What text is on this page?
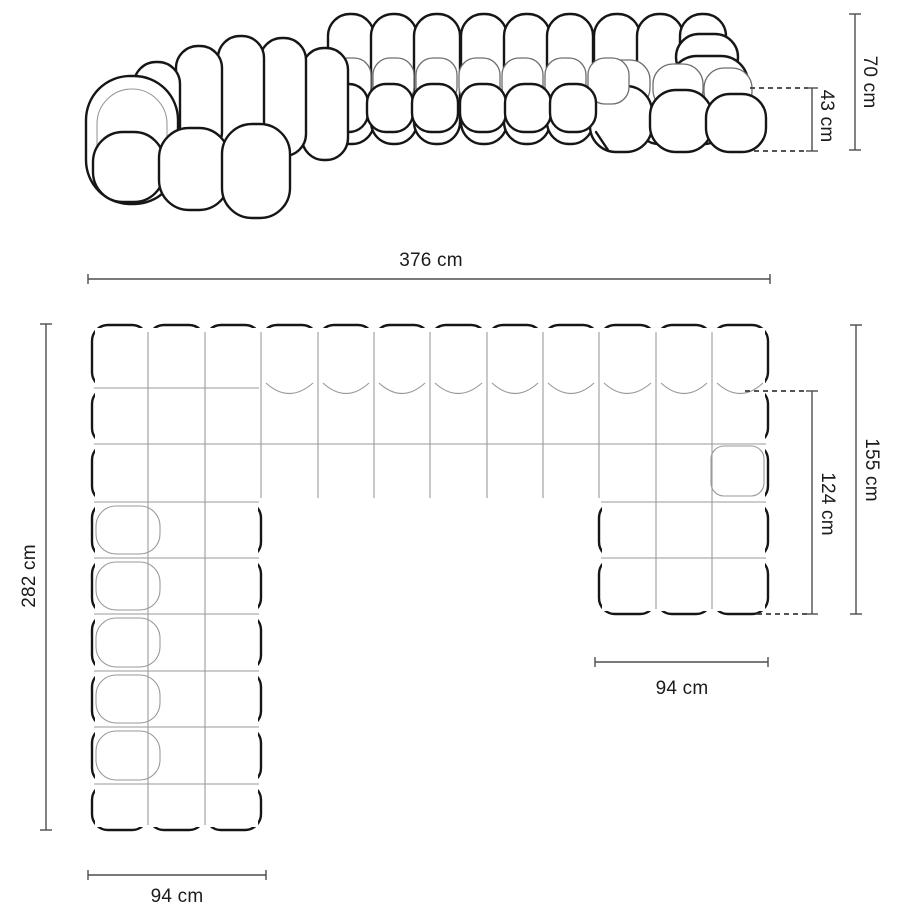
70 cm
43 cm
376 cm
282 cm
155 cm
124 cm
94 cm
94 cm
